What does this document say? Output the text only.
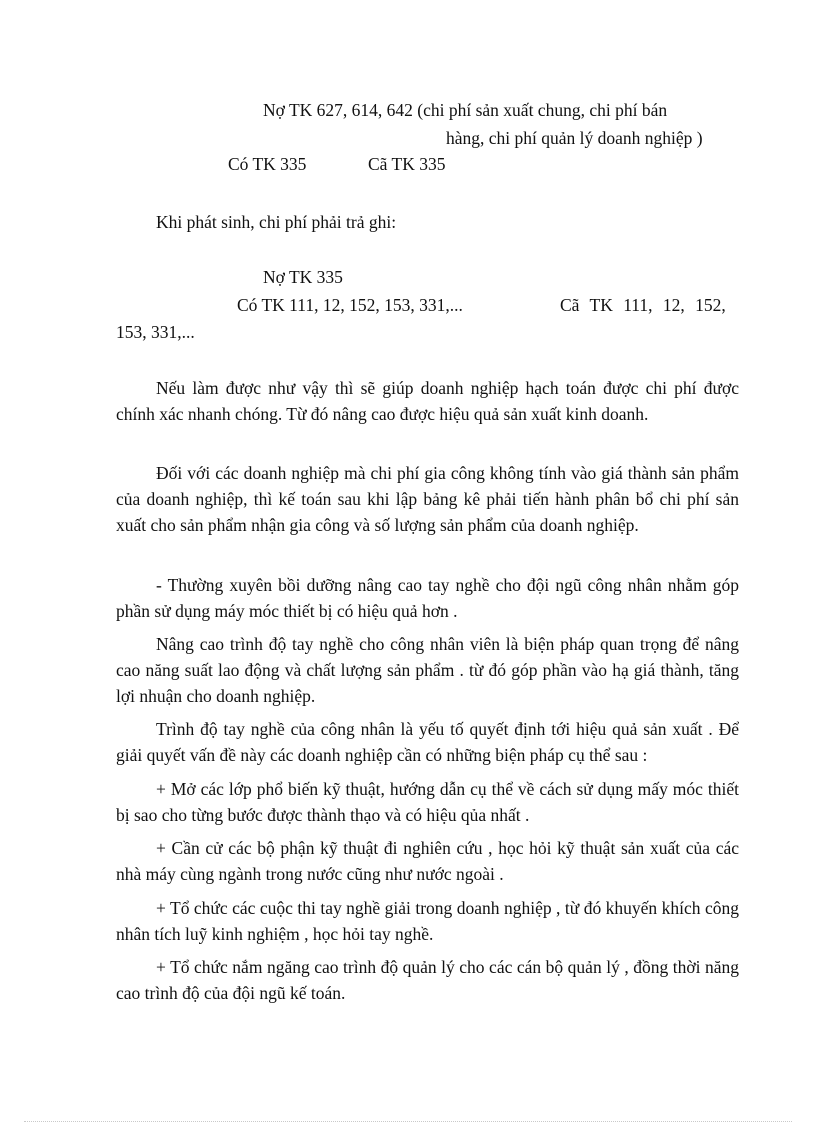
Nợ TK 627, 614, 642 (chi phí sản xuất chung, chi phí bán
hàng, chi phí quản lý doanh nghiệp )
Có TK 335	Cã TK 335
Khi phát sinh, chi phí phải trả ghi:
Nợ TK 335
Có TK 111, 12, 152, 153, 331,...	Cã TK 111, 12, 152,
153, 331,...
Nếu làm được như vậy thì sẽ giúp doanh nghiệp hạch toán được chi phí được chính xác nhanh chóng. Từ đó nâng cao được hiệu quả sản xuất kinh doanh.
Đối với các doanh nghiệp mà chi phí gia công không tính vào giá thành sản phẩm của doanh nghiệp, thì kế toán sau khi lập bảng kê phải tiến hành phân bổ chi phí sản xuất cho sản phẩm nhận gia công và số lượng sản phẩm của doanh nghiệp.
- Thường xuyên bồi dưỡng nâng cao tay nghề cho đội ngũ công nhân nhằm góp phần sử dụng máy móc thiết bị có hiệu quả hơn .
Nâng cao trình độ tay nghề cho công nhân viên là biện pháp quan trọng để nâng cao năng suất lao động và chất lượng sản phẩm . từ đó góp phần vào hạ giá thành, tăng lợi nhuận cho doanh nghiệp.
Trình độ tay nghề của công nhân là yếu tố quyết định tới hiệu quả sản xuất . Để giải quyết vấn đề này các doanh nghiệp cần có những biện pháp cụ thể sau :
+ Mở các lớp phổ biến kỹ thuật, hướng dẫn cụ thể về cách sử dụng mấy móc thiết bị sao cho từng bước được thành thạo và có hiệu qủa nhất .
+ Cần cử các bộ phận kỹ thuật đi nghiên cứu , học hỏi kỹ thuật sản xuất của các nhà máy cùng ngành trong nước cũng như nước ngoài .
+ Tổ chức các cuộc thi tay nghề giải trong doanh nghiệp , từ đó khuyến khích công nhân tích luỹ kinh nghiệm , học hỏi tay nghề.
+ Tổ chức nắm ngăng cao trình độ quản lý cho các cán bộ quản lý , đồng thời năng cao trình độ của đội ngũ kế toán.
